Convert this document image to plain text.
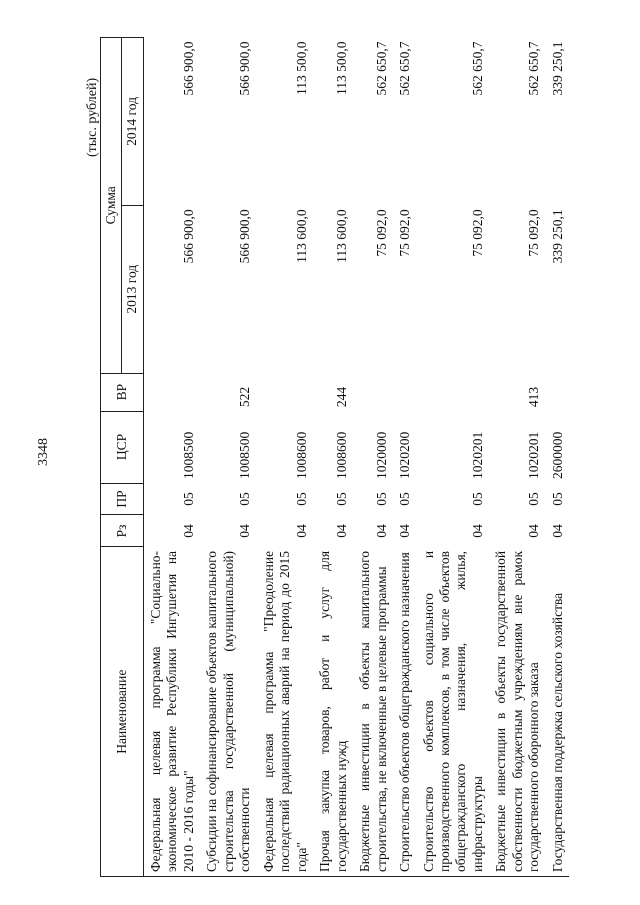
3348
(тыс. рублей)
Наименование	Рз	ПР	ЦСР	ВР	Сумма	
					2013 год	2014 год
Федеральная целевая программа "Социально-экономическое развитие Республики Ингушетия на 2010 - 2016 годы"	04	05	1008500		566 900,0	566 900,0
Субсидии на софинансирование объектов капитального строительства государственной (муниципальной) собственности	04	05	1008500	522	566 900,0	566 900,0
Федеральная целевая программа "Преодоление последствий радиационных аварий на период до 2015 года"	04	05	1008600		113 600,0	113 500,0
Прочая закупка товаров, работ и услуг для государственных нужд	04	05	1008600	244	113 600,0	113 500,0
Бюджетные инвестиции в объекты капитального строительства, не включенные в целевые программы	04	05	1020000		75 092,0	562 650,7
Строительство объектов общегражданского назначения	04	05	1020200		75 092,0	562 650,7
Строительство объектов социального и производственного комплексов, в том числе объектов общегражданского назначения, жилья, инфраструктуры	04	05	1020201		75 092,0	562 650,7
Бюджетные инвестиции в объекты государственной собственности бюджетным учреждениям вне рамок государственного оборонного заказа	04	05	1020201	413	75 092,0	562 650,7
Государственная поддержка сельского хозяйства	04	05	2600000		339 250,1	339 250,1
